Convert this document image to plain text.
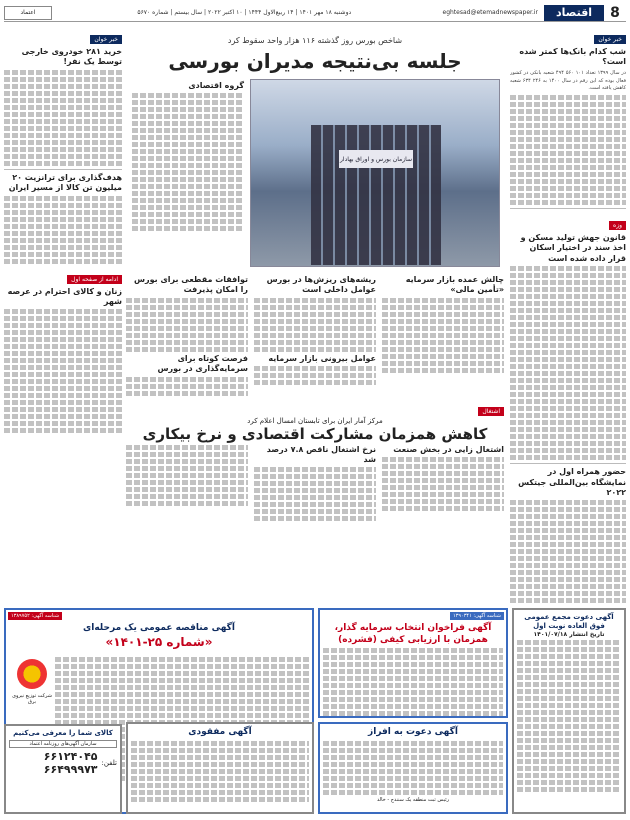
8
اقتصاد
eghtesad@etemadnewspaper.ir
دوشنبه ۱۸ مهر ۱۴۰۱ | ۱۴ ربیع‌الاول ۱۴۴۴ | ۱۰ اکتبر ۲۰۲۲ | سال بیستم | شماره ۵۶۷۰
اعتماد
خبر خوان
شب کدام بانک‌ها کمتر شده است؟

در سال ۱۳۹۹ تعداد ۱۰۱ ۵۶۰ ۴۹۴ شعبه بانکی در کشور فعال بوده که این رقم در سال ۱۴۰۰ به ۲۴۶ ۶۳۴ شعبه کاهش یافته است.

وزه
قانون جهش تولید مسکن و اخذ سند در اختیار اسکان قرار داده شده است
حضور همراه اول در نمایشگاه بین‌المللی جیتکس ۲۰۲۲
شاخص بورس روز گذشته ۱۱۶ هزار واحد سقوط کرد
جلسه بی‌نتیجه مدیران بورسی
سازمان بورس و اوراق بهادار
گروه اقتصادی
چالش عمده بازار سرمایه «تأمین مالی»
ریشه‌های ریزش‌ها در بورس عوامل داخلی است
عوامل بیرونی بازار سرمایه
توافقات مقطعی برای بورس را امکان پذیرفت
فرصت کوتاه برای سرمایه‌گذاری در بورس
اشتغال
مرکز آمار ایران برای تابستان امسال اعلام کرد
کاهش همزمان مشارکت اقتصادی و نرخ بیکاری
اشتغال زایی در بخش صنعت
نرخ اشتغال ناقص ۷.۸ درصد شد
خبر خوان
خرید ۲۸۱ خودروی خارجی توسط یک نفر!
هدف‌گذاری برای ترانزیت ۲۰ میلیون تن کالا از مسیر ایران
ادامه از صفحه اول
زنان و کالای احترام در عرصه شهر
شناسه آگهی: ۱۳۸۹۷۵۲
آگهی مناقصه عمومی یک مرحله‌ای
«شماره ۲۵-۱۴۰۱»
شرکت توزیع نیروی برق
شناسه آگهی: ۱۳۹۰۳۴۱
آگهی فراخوان انتخاب سرمایه گذار، همزمان با ارزیابی کیفی (فشرده)
آگهی دعوت به افراز
رئیس ثبت منطقه یک سنندج - خالد
آگهی دعوت مجمع عمومی فوق العاده نوبت اول
تاریخ انتشار ۱۴۰۱/۰۷/۱۸
آگهی مفقودی
کالای شما را معرفی می‌کنیم
سازمان آگهی‌های روزنامه اعتماد
تلفن:
۶۶۱۲۴۰۴۵
۶۶۴۹۹۹۷۳
